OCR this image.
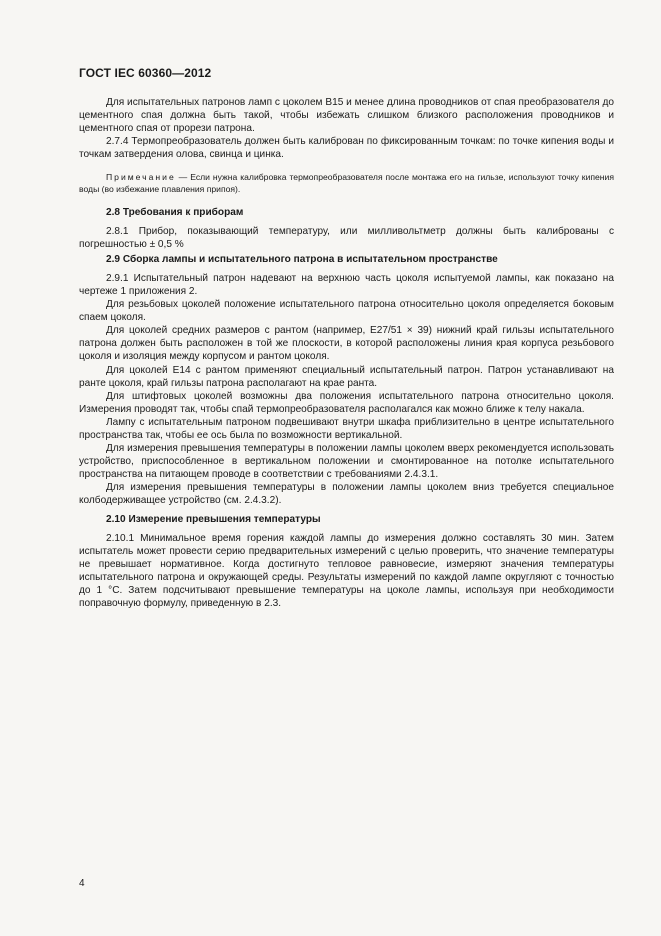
ГОСТ IEC 60360—2012

Для испытательных патронов ламп с цоколем В15 и менее длина проводников от спая преобразователя до цементного спая должна быть такой, чтобы избежать слишком близкого расположения проводников и цементного спая от прорези патрона.

2.7.4 Термопреобразователь должен быть калиброван по фиксированным точкам: по точке кипения воды и точкам затвердения олова, свинца и цинка.

Примечание — Если нужна калибровка термопреобразователя после монтажа его на гильзе, используют точку кипения воды (во избежание плавления припоя).

2.8 Требования к приборам

2.8.1 Прибор, показывающий температуру, или милливольтметр должны быть калиброваны с погрешностью ± 0,5 %

2.9 Сборка лампы и испытательного патрона в испытательном пространстве

2.9.1 Испытательный патрон надевают на верхнюю часть цоколя испытуемой лампы, как показано на чертеже 1 приложения 2.

Для резьбовых цоколей положение испытательного патрона относительно цоколя определяется боковым спаем цоколя.

Для цоколей средних размеров с рантом (например, Е27/51 × 39) нижний край гильзы испытательного патрона должен быть расположен в той же плоскости, в которой расположены линия края корпуса резьбового цоколя и изоляция между корпусом и рантом цоколя.

Для цоколей Е14 с рантом применяют специальный испытательный патрон. Патрон устанавливают на ранте цоколя, край гильзы патрона располагают на крае ранта.

Для штифтовых цоколей возможны два положения испытательного патрона относительно цоколя. Измерения проводят так, чтобы спай термопреобразователя располагался как можно ближе к телу накала.

Лампу с испытательным патроном подвешивают внутри шкафа приблизительно в центре испытательного пространства так, чтобы ее ось была по возможности вертикальной.

Для измерения превышения температуры в положении лампы цоколем вверх рекомендуется использовать устройство, приспособленное в вертикальном положении и смонтированное на потолке испытательного пространства на питающем проводе в соответствии с требованиями 2.4.3.1.

Для измерения превышения температуры в положении лампы цоколем вниз требуется специальное колбодерживащее устройство (см. 2.4.3.2).

2.10 Измерение превышения температуры

2.10.1 Минимальное время горения каждой лампы до измерения должно составлять 30 мин. Затем испытатель может провести серию предварительных измерений с целью проверить, что значение температуры не превышает нормативное. Когда достигнуто тепловое равновесие, измеряют значения температуры испытательного патрона и окружающей среды. Результаты измерений по каждой лампе округляют с точностью до 1 °С. Затем подсчитывают превышение температуры на цоколе лампы, используя при необходимости поправочную формулу, приведенную в 2.3.

4
